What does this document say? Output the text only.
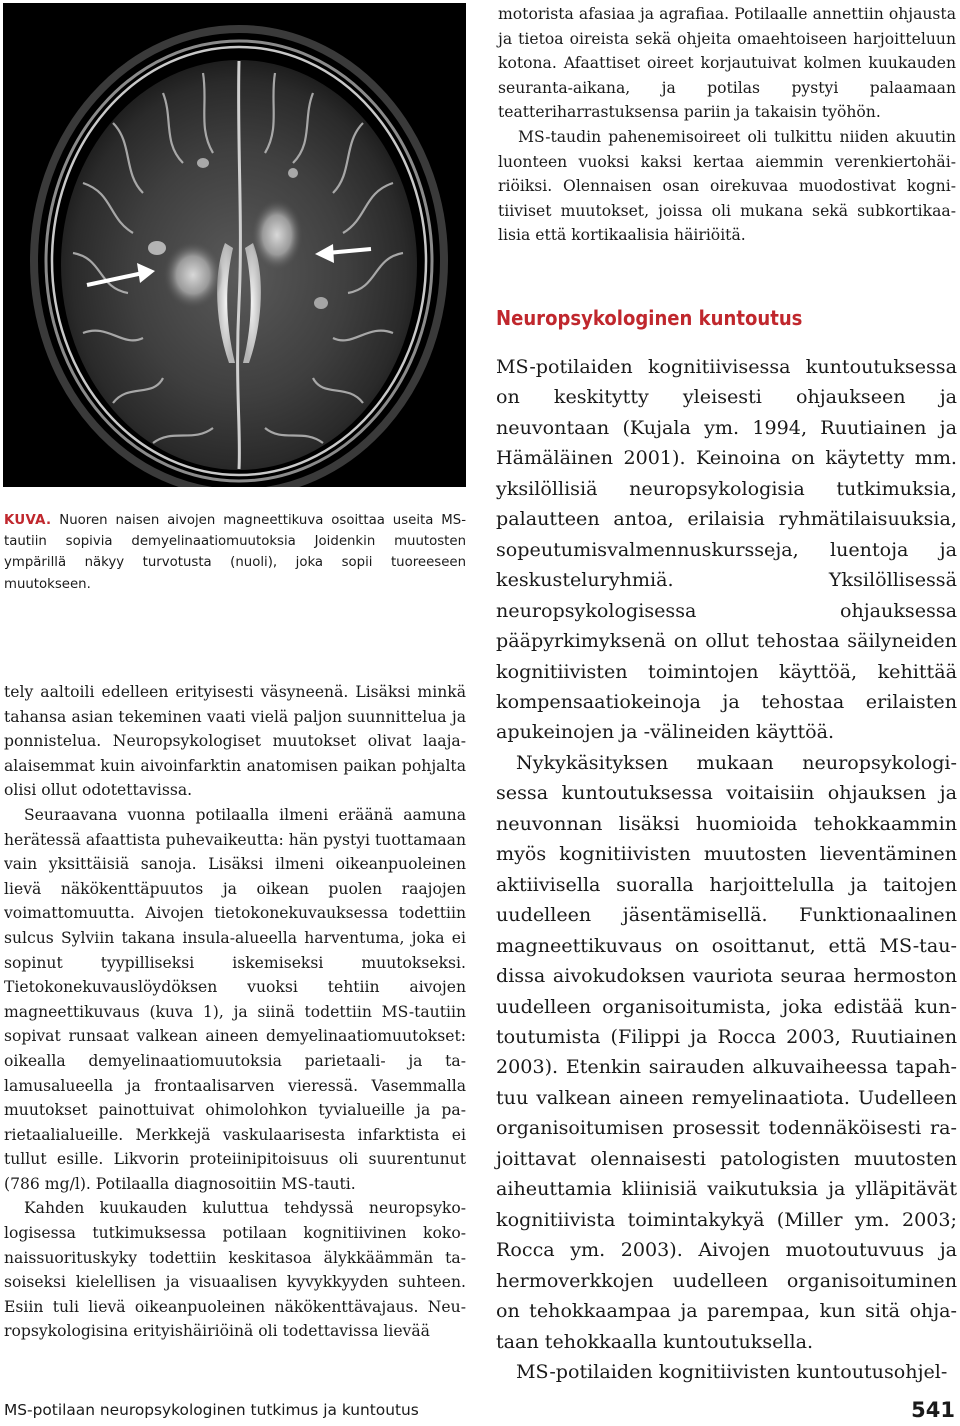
KUVA. Nuoren naisen aivojen magneettikuva osoittaa useita MS-tautiin sopivia demyelinaatiomuutoksia Joidenkin muutosten ympärillä näkyy turvotusta (nuoli), joka sopii tuoreeseen muutokseen.

motorista afasiaa ja agrafiaa. Potilaalle annettiin ohjausta ja tietoa oireista sekä ohjeita omaehtoiseen harjoitteluun kotona. Afaattiset oireet korjautuivat kolmen kuukauden seuranta-aikana, ja potilas pystyi palaamaan teatteriharrastuksensa pariin ja takaisin työhön.

MS-taudin pahenemisoireet oli tulkittu niiden akuutin luonteen vuoksi kaksi kertaa aiemmin verenkiertohäiriöiksi. Olennaisen osan oirekuvaa muodostivat kognitiiviset muutokset, joissa oli mukana sekä subkortikaalisia että kortikaalisia häiriöitä.

Neuropsykologinen kuntoutus

MS-potilaiden kognitiivisessa kuntoutuksessa on keskitytty yleisesti ohjaukseen ja neuvontaan (Kujala ym. 1994, Ruutiainen ja Hämäläinen 2001). Keinoina on käytetty mm. yksilöllisiä neuropsykologisia tutkimuksia, palautteen antoa, erilaisia ryhmätilaisuuksia, sopeutumisvalmennuskursseja, luentoja ja keskusteluryhmiä. Yksilöllisessä neuropsykologisessa ohjauksessa pääpyrkimyksenä on ollut tehostaa säilyneiden kognitiivisten toimintojen käyttöä, kehittää kompensaatiokeinoja ja tehostaa erilaisten apukeinojen ja -välineiden käyttöä.

Nykykäsityksen mukaan neuropsykologisessa kuntoutuksessa voitaisiin ohjauksen ja neuvonnan lisäksi huomioida tehokkaammin myös kognitiivisten muutosten lieventäminen aktiivisella suoralla harjoittelulla ja taitojen uudelleen jäsentämisellä. Funktionaalinen magneettikuvaus on osoittanut, että MS-taudissa aivokudoksen vauriota seuraa hermoston uudelleen organisoitumista, joka edistää kuntoutumista (Filippi ja Rocca 2003, Ruutiainen 2003). Etenkin sairauden alkuvaiheessa tapahtuu valkean aineen remyelinaatiota. Uudelleen organisoitumisen prosessit todennäköisesti rajoittavat olennaisesti patologisten muutosten aiheuttamia kliinisiä vaikutuksia ja ylläpitävät kognitiivista toimintakykyä (Miller ym. 2003; Rocca ym. 2003). Aivojen muotoutuvuus ja hermoverkkojen uudelleen organisoituminen on tehokkaampaa ja parempaa, kun sitä ohjataan tehokkaalla kuntoutuksella.

MS-potilaiden kognitiivisten kuntoutusohjel-

tely aaltoili edelleen erityisesti väsyneenä. Lisäksi minkä tahansa asian tekeminen vaati vielä paljon suunnittelua ja ponnistelua. Neuropsykologiset muutokset olivat laaja-alaisemmat kuin aivoinfarktin anatomisen paikan pohjalta olisi ollut odotettavissa.

Seuraavana vuonna potilaalla ilmeni eräänä aamuna herätessä afaattista puhevaikeutta: hän pystyi tuottamaan vain yksittäisiä sanoja. Lisäksi ilmeni oikeanpuoleinen lievä näkökenttäpuutos ja oikean puolen raajojen voimattomuutta. Aivojen tietokonekuvauksessa todettiin sulcus Sylviin takana insula-alueella harventuma, joka ei sopinut tyypilliseksi iskemiseksi muutokseksi. Tietokonekuvauslöydöksen vuoksi tehtiin aivojen magneettikuvaus (kuva 1), ja siinä todettiin MS-tautiin sopivat runsaat valkean aineen demyelinaatiomuutokset: oikealla demyelinaatiomuutoksia parietaali- ja talamusalueella ja frontaalisarven vieressä. Vasemmalla muutokset painottuivat ohimolohkon tyvialueille ja parietaalialueille. Merkkejä vaskulaarisesta infarktista ei tullut esille. Likvorin proteiinipitoisuus oli suurentunut (786 mg/l). Potilaalla diagnosoitiin MS-tauti.

Kahden kuukauden kuluttua tehdyssä neuropsykologisessa tutkimuksessa potilaan kognitiivinen kokonaissuorituskyky todettiin keskitasoa älykkäämmän tasoiseksi kielellisen ja visuaalisen kyvykkyyden suhteen. Esiin tuli lievä oikeanpuoleinen näkökenttävajaus. Neuropsykologisina erityishäiriöinä oli todettavissa lievää

MS-potilaan neuropsykologinen tutkimus ja kuntoutus	541
